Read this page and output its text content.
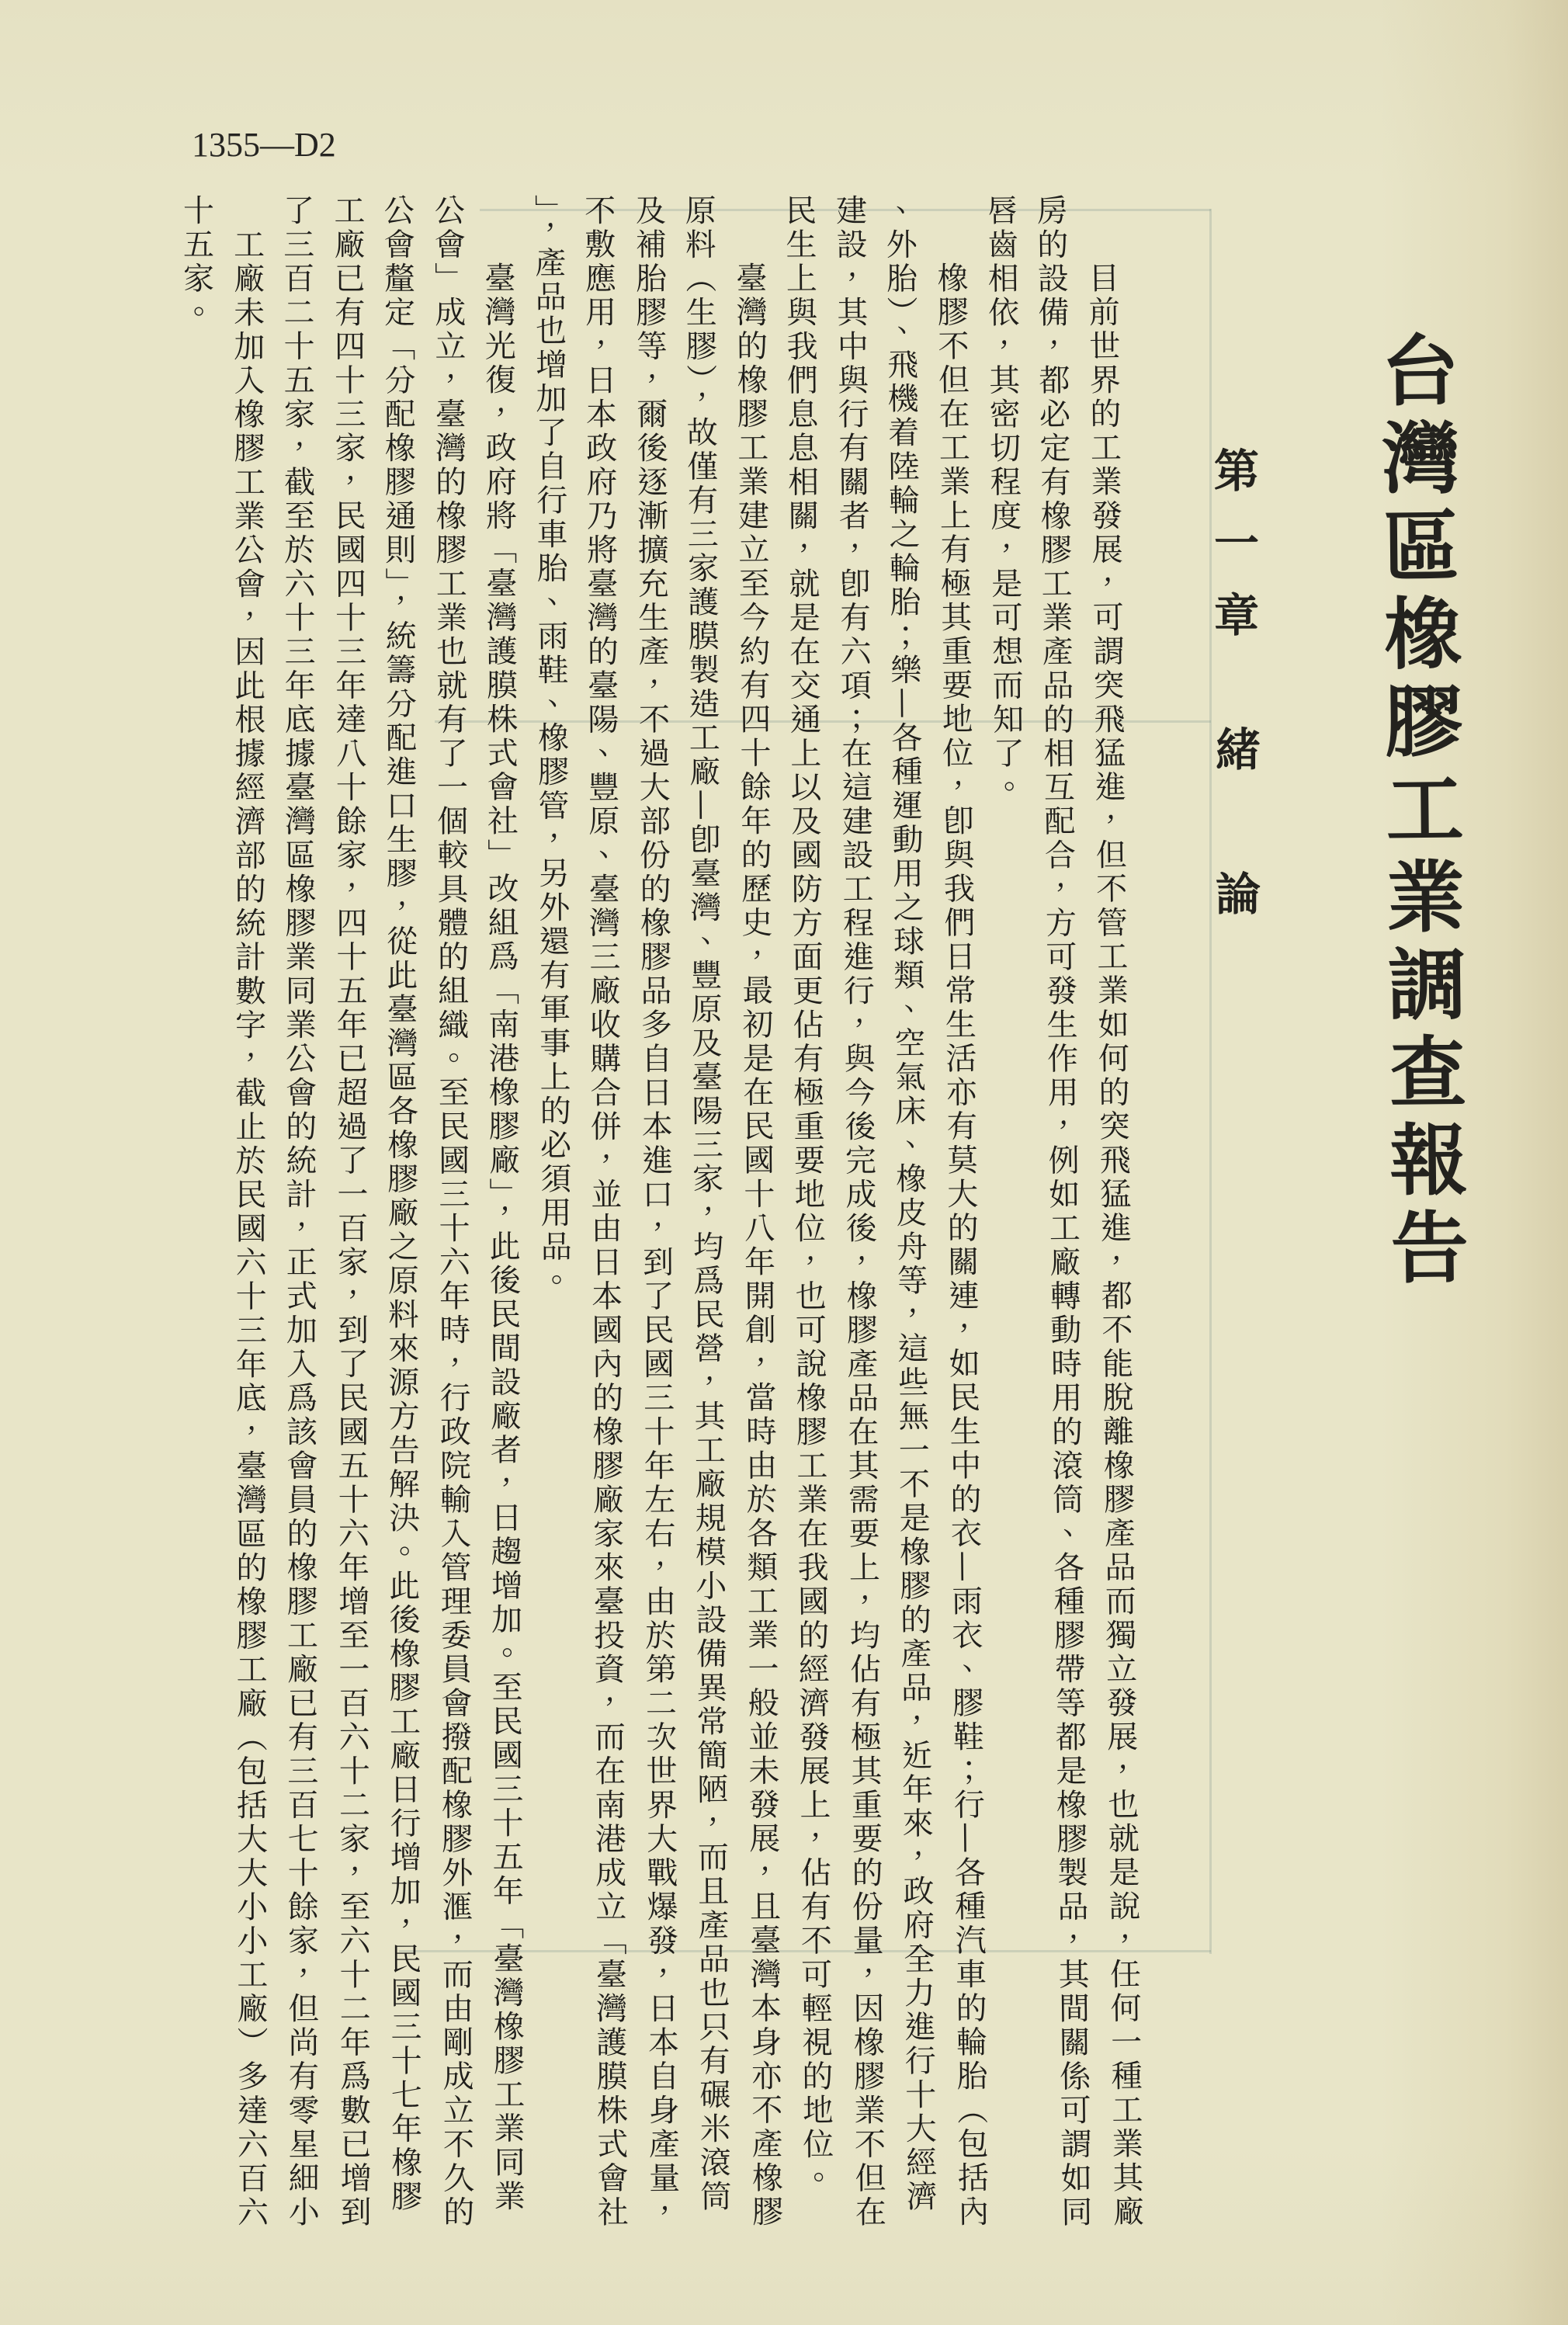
1355—D2
台灣區橡膠工業調查報告
第一章
緒論
目前世界的工業發展，可謂突飛猛進，但不管工業如何的突飛猛進，都不能脫離橡膠產品而獨立發展，也就是說，任何一種工業其廠
房的設備，都必定有橡膠工業產品的相互配合，方可發生作用，例如工廠轉動時用的滾筒、各種膠帶等都是橡膠製品，其間關係可謂如同
唇齒相依，其密切程度，是可想而知了。
橡膠不但在工業上有極其重要地位，卽與我們日常生活亦有莫大的關連，如民生中的衣—雨衣、膠鞋；行—各種汽車的輪胎（包括內
、外胎）、飛機着陸輪之輪胎；樂—各種運動用之球類、空氣床、橡皮舟等，這些無一不是橡膠的產品，近年來，政府全力進行十大經濟
建設，其中與行有關者，卽有六項；在這建設工程進行，與今後完成後，橡膠產品在其需要上，均佔有極其重要的份量，因橡膠業不但在
民生上與我們息息相關，就是在交通上以及國防方面更佔有極重要地位，也可說橡膠工業在我國的經濟發展上，佔有不可輕視的地位。
臺灣的橡膠工業建立至今約有四十餘年的歷史，最初是在民國十八年開創，當時由於各類工業一般並未發展，且臺灣本身亦不產橡膠
原料（生膠），故僅有三家護膜製造工廠—卽臺灣、豐原及臺陽三家，均爲民營，其工廠規模小設備異常簡陋，而且產品也只有碾米滾筒
及補胎膠等，爾後逐漸擴充生產，不過大部份的橡膠品多自日本進口，到了民國三十年左右，由於第二次世界大戰爆發，日本自身產量，
不敷應用，日本政府乃將臺灣的臺陽、豐原、臺灣三廠收購合併，並由日本國內的橡膠廠家來臺投資，而在南港成立「臺灣護膜株式會社
」，產品也增加了自行車胎、雨鞋、橡膠管，另外還有軍事上的必須用品。
臺灣光復，政府將「臺灣護膜株式會社」改組爲「南港橡膠廠」，此後民間設廠者，日趨增加。至民國三十五年「臺灣橡膠工業同業
公會」成立，臺灣的橡膠工業也就有了一個較具體的組織。至民國三十六年時，行政院輸入管理委員會撥配橡膠外滙，而由剛成立不久的
公會釐定「分配橡膠通則」，統籌分配進口生膠，從此臺灣區各橡膠廠之原料來源方告解決。此後橡膠工廠日行增加，民國三十七年橡膠
工廠已有四十三家，民國四十三年達八十餘家，四十五年已超過了一百家，到了民國五十六年增至一百六十二家，至六十二年爲數已增到
了三百二十五家，截至於六十三年底據臺灣區橡膠業同業公會的統計，正式加入爲該會員的橡膠工廠已有三百七十餘家，但尚有零星細小
工廠未加入橡膠工業公會，因此根據經濟部的統計數字，截止於民國六十三年底，臺灣區的橡膠工廠（包括大大小小工廠）多達六百六
十五家。
